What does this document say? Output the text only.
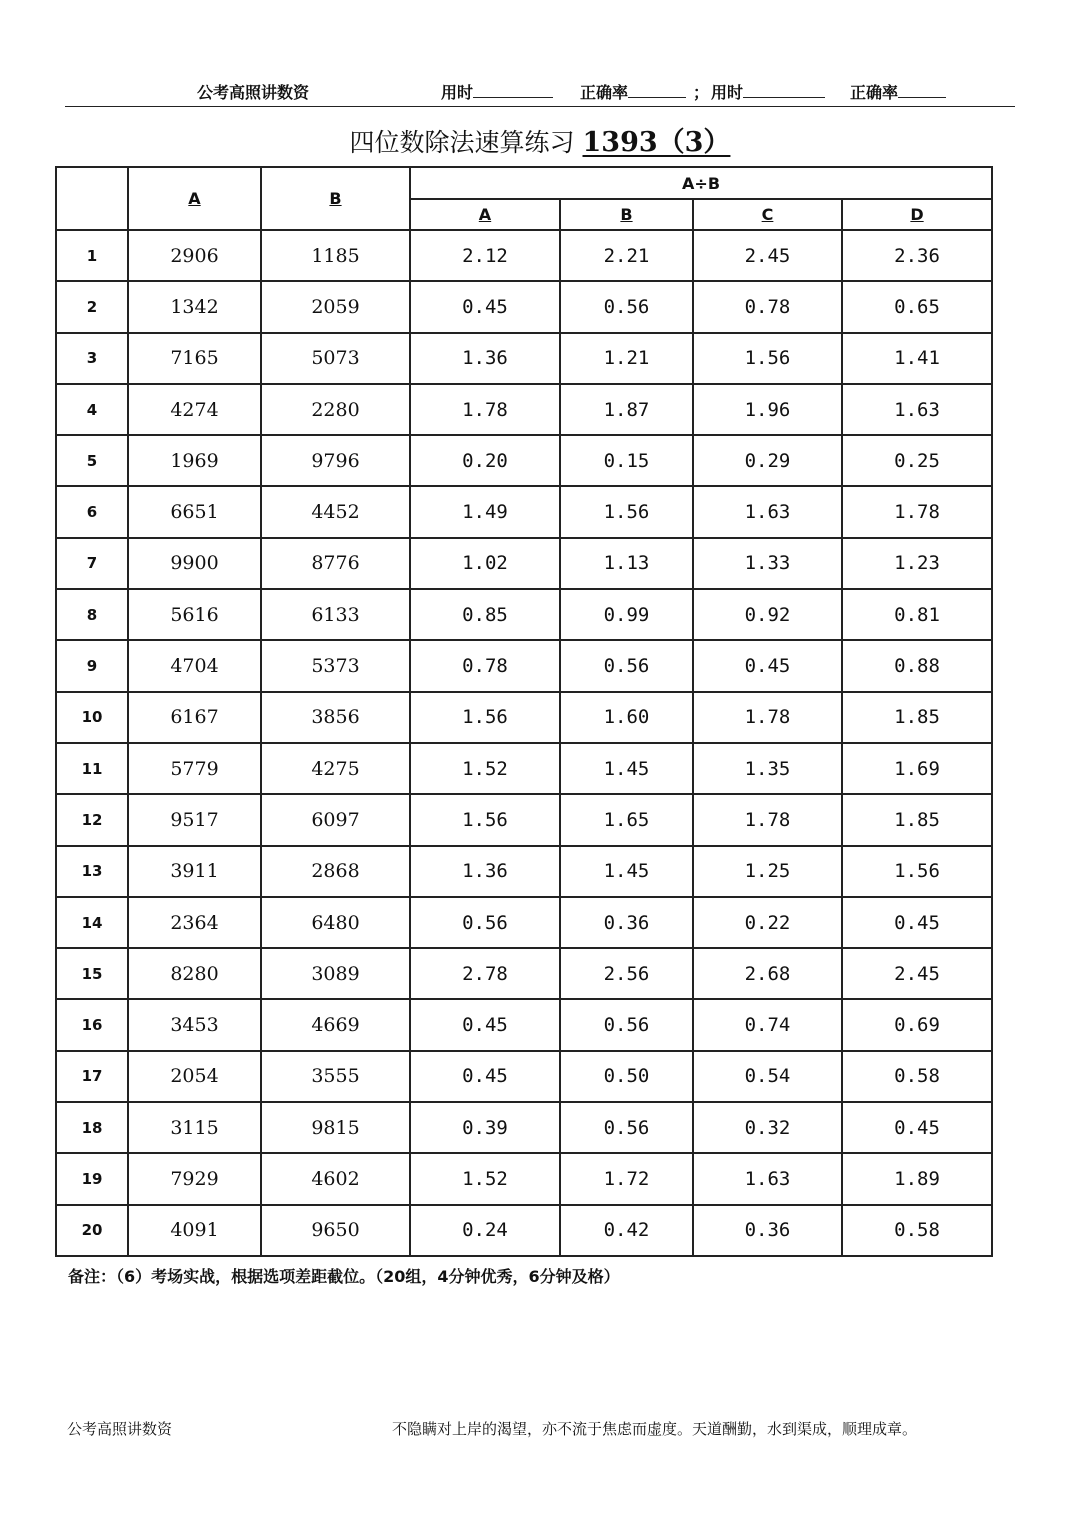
公考高照讲数资	用时	正确率	； 用时	正确率
四位数除法速算练习 1393（3）
	A	B	A÷B			
			A	B	C	D
1	2906	1185	2.12	2.21	2.45	2.36
2	1342	2059	0.45	0.56	0.78	0.65
3	7165	5073	1.36	1.21	1.56	1.41
4	4274	2280	1.78	1.87	1.96	1.63
5	1969	9796	0.20	0.15	0.29	0.25
6	6651	4452	1.49	1.56	1.63	1.78
7	9900	8776	1.02	1.13	1.33	1.23
8	5616	6133	0.85	0.99	0.92	0.81
9	4704	5373	0.78	0.56	0.45	0.88
10	6167	3856	1.56	1.60	1.78	1.85
11	5779	4275	1.52	1.45	1.35	1.69
12	9517	6097	1.56	1.65	1.78	1.85
13	3911	2868	1.36	1.45	1.25	1.56
14	2364	6480	0.56	0.36	0.22	0.45
15	8280	3089	2.78	2.56	2.68	2.45
16	3453	4669	0.45	0.56	0.74	0.69
17	2054	3555	0.45	0.50	0.54	0.58
18	3115	9815	0.39	0.56	0.32	0.45
19	7929	4602	1.52	1.72	1.63	1.89
20	4091	9650	0.24	0.42	0.36	0.58
备注：（6）考场实战，根据选项差距截位。（20组，4分钟优秀，6分钟及格）
公考高照讲数资	不隐瞒对上岸的渴望，亦不流于焦虑而虚度。天道酬勤，水到渠成，顺理成章。
